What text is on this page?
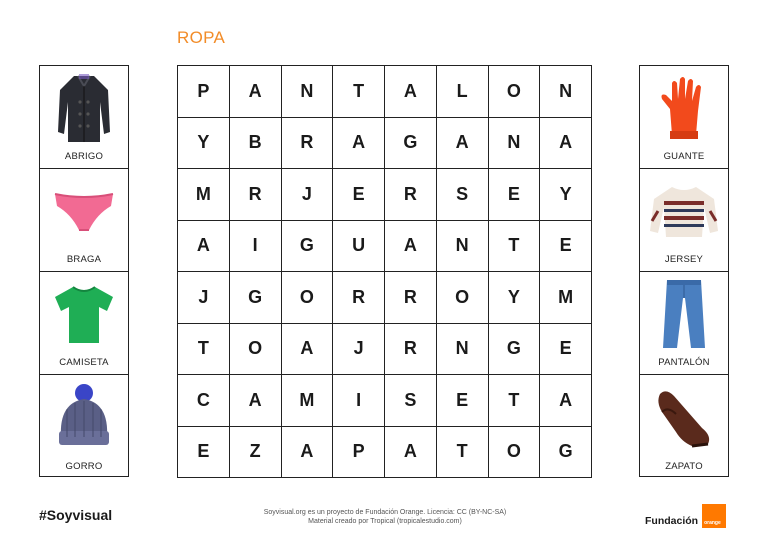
ROPA
ABRIGO
BRAGA
CAMISETA
GORRO
P	A	N	T	A	L	O	N
Y	B	R	A	G	A	N	A
M	R	J	E	R	S	E	Y
A	I	G	U	A	N	T	E
J	G	O	R	R	O	Y	M
T	O	A	J	R	N	G	E
C	A	M	I	S	E	T	A
E	Z	A	P	A	T	O	G
GUANTE
JERSEY
PANTALÓN
ZAPATO
#Soyvisual	Soyvisual.org es un proyecto de Fundación Orange. Licencia: CC (BY-NC-SA)
Material creado por Tropical (tropicalestudio.com)	Fundación orange
